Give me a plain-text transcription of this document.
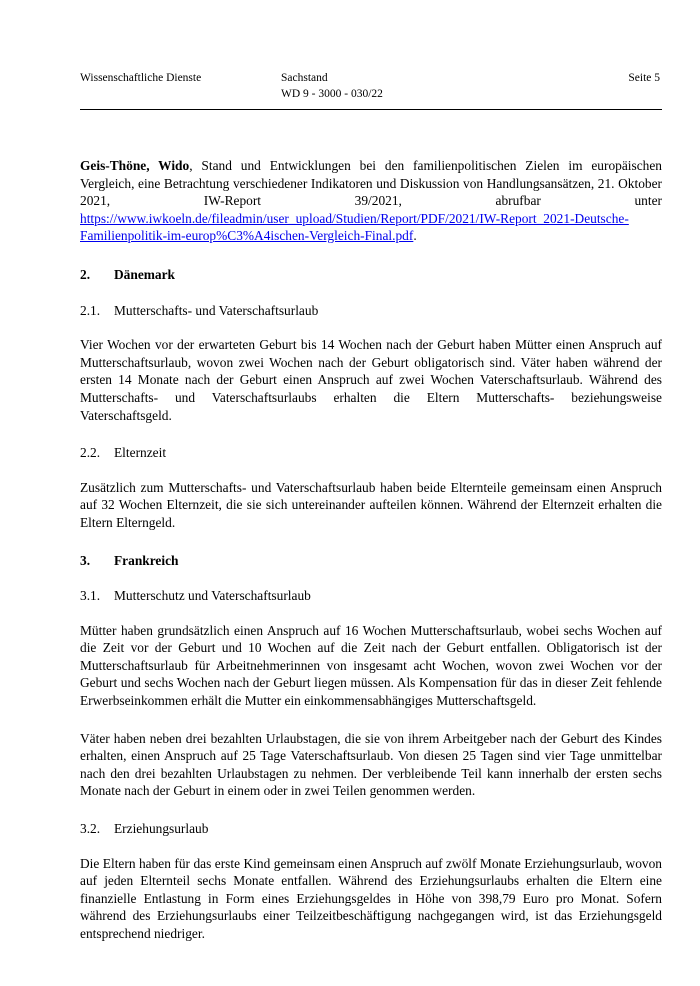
Wissenschaftliche Dienste	Sachstand
WD 9 - 3000 - 030/22
Seite 5

Geis-Thöne, Wido, Stand und Entwicklungen bei den familienpolitischen Zielen im europäischen Vergleich, eine Betrachtung verschiedener Indikatoren und Diskussion von Handlungsansätzen, 21. Oktober 2021, IW-Report 39/2021, abrufbar unter https://www.iwkoeln.de/fileadmin/user_upload/Studien/Report/PDF/2021/IW-Report_2021-Deutsche-Familienpolitik-im-europ%C3%A4ischen-Vergleich-Final.pdf.

2. Dänemark
2.1. Mutterschafts- und Vaterschaftsurlaub

Vier Wochen vor der erwarteten Geburt bis 14 Wochen nach der Geburt haben Mütter einen Anspruch auf Mutterschaftsurlaub, wovon zwei Wochen nach der Geburt obligatorisch sind. Väter haben während der ersten 14 Monate nach der Geburt einen Anspruch auf zwei Wochen Vaterschaftsurlaub. Während des Mutterschafts- und Vaterschaftsurlaubs erhalten die Eltern Mutterschafts- beziehungsweise Vaterschaftsgeld.

2.2. Elternzeit

Zusätzlich zum Mutterschafts- und Vaterschaftsurlaub haben beide Elternteile gemeinsam einen Anspruch auf 32 Wochen Elternzeit, die sie sich untereinander aufteilen können. Während der Elternzeit erhalten die Eltern Elterngeld.

3. Frankreich
3.1. Mutterschutz und Vaterschaftsurlaub

Mütter haben grundsätzlich einen Anspruch auf 16 Wochen Mutterschaftsurlaub, wobei sechs Wochen auf die Zeit vor der Geburt und 10 Wochen auf die Zeit nach der Geburt entfallen. Obligatorisch ist der Mutterschaftsurlaub für Arbeitnehmerinnen von insgesamt acht Wochen, wovon zwei Wochen vor der Geburt und sechs Wochen nach der Geburt liegen müssen. Als Kompensation für das in dieser Zeit fehlende Erwerbseinkommen erhält die Mutter ein einkommensabhängiges Mutterschaftsgeld.

Väter haben neben drei bezahlten Urlaubstagen, die sie von ihrem Arbeitgeber nach der Geburt des Kindes erhalten, einen Anspruch auf 25 Tage Vaterschaftsurlaub. Von diesen 25 Tagen sind vier Tage unmittelbar nach den drei bezahlten Urlaubstagen zu nehmen. Der verbleibende Teil kann innerhalb der ersten sechs Monate nach der Geburt in einem oder in zwei Teilen genommen werden.

3.2. Erziehungsurlaub

Die Eltern haben für das erste Kind gemeinsam einen Anspruch auf zwölf Monate Erziehungsurlaub, wovon auf jeden Elternteil sechs Monate entfallen. Während des Erziehungsurlaubs erhalten die Eltern eine finanzielle Entlastung in Form eines Erziehungsgeldes in Höhe von 398,79 Euro pro Monat. Sofern während des Erziehungsurlaubs einer Teilzeitbeschäftigung nachgegangen wird, ist das Erziehungsgeld entsprechend niedriger.
